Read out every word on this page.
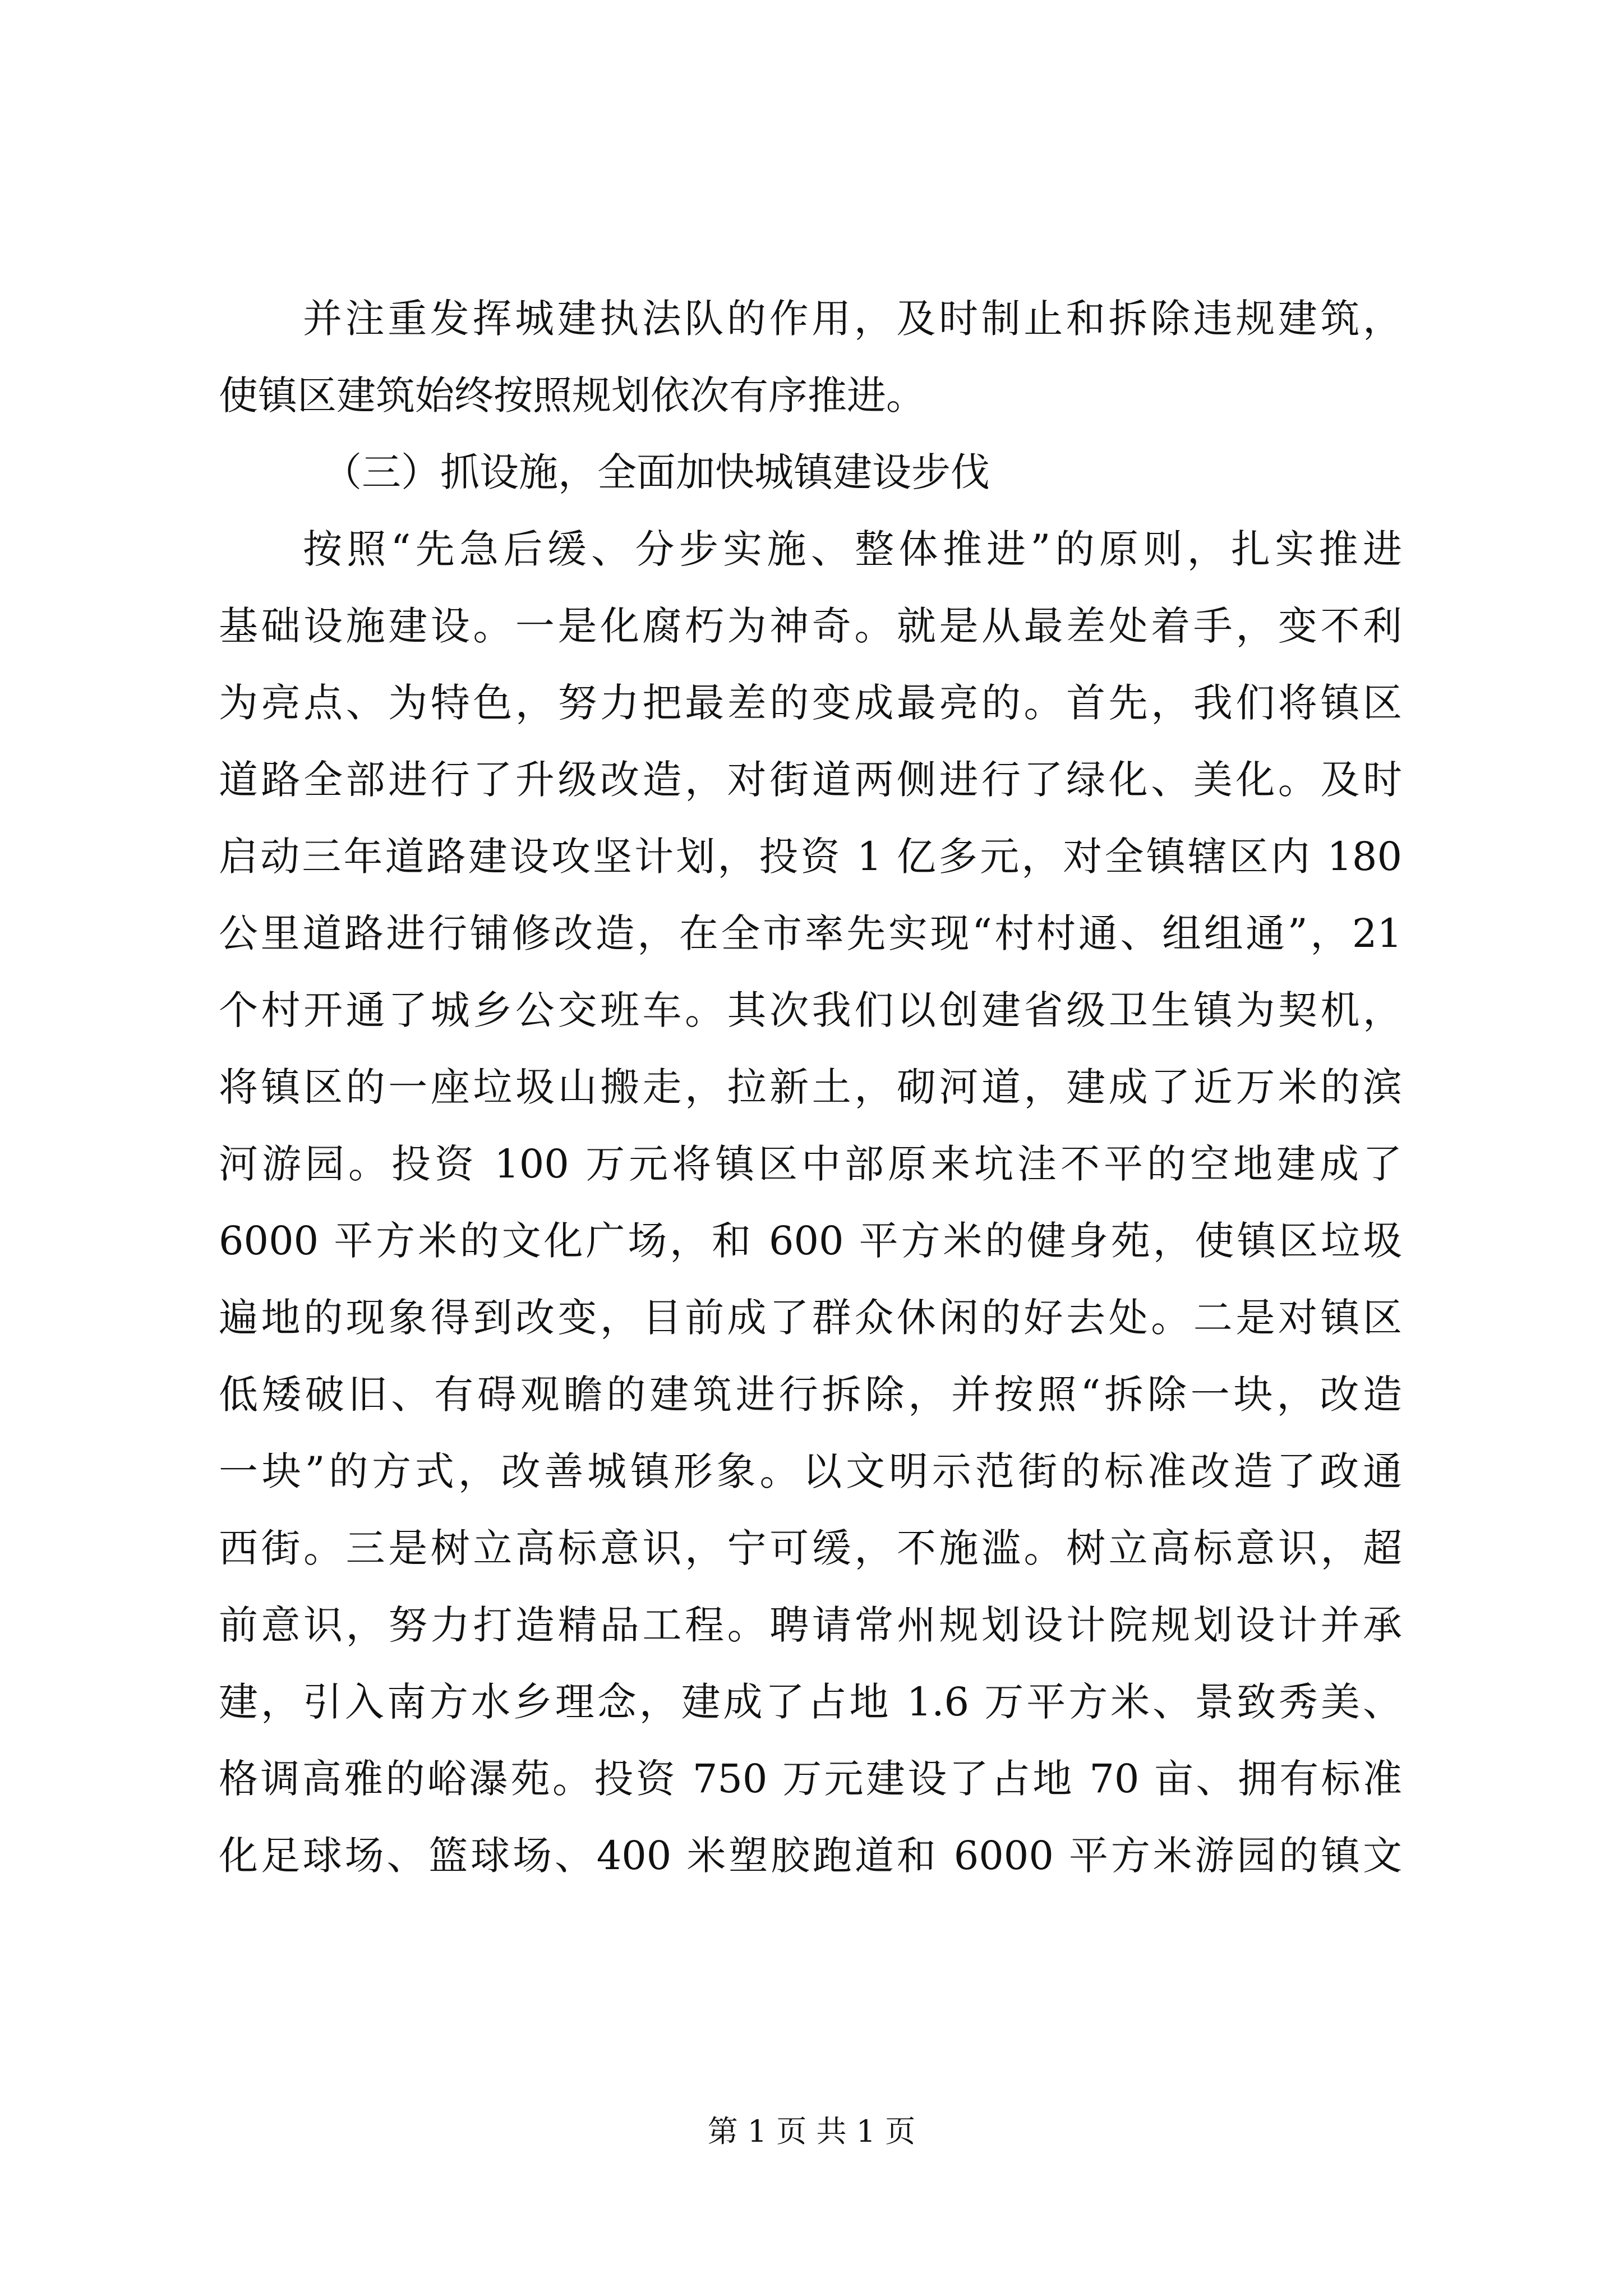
并注重发挥城建执法队的作用，及时制止和拆除违规建筑，
使镇区建筑始终按照规划依次有序推进。
（三）抓设施，全面加快城镇建设步伐
按照“先急后缓、分步实施、整体推进”的原则，扎实推进
基础设施建设。一是化腐朽为神奇。就是从最差处着手，变不利
为亮点、为特色，努力把最差的变成最亮的。首先，我们将镇区
道路全部进行了升级改造，对街道两侧进行了绿化、美化。及时
启动三年道路建设攻坚计划，投资 1 亿多元，对全镇辖区内 180
公里道路进行铺修改造，在全市率先实现“村村通、组组通”，21
个村开通了城乡公交班车。其次我们以创建省级卫生镇为契机，
将镇区的一座垃圾山搬走，拉新土，砌河道，建成了近万米的滨
河游园。投资 100 万元将镇区中部原来坑洼不平的空地建成了
6000 平方米的文化广场，和 600 平方米的健身苑，使镇区垃圾
遍地的现象得到改变，目前成了群众休闲的好去处。二是对镇区
低矮破旧、有碍观瞻的建筑进行拆除，并按照“拆除一块，改造
一块”的方式，改善城镇形象。以文明示范街的标准改造了政通
西街。三是树立高标意识，宁可缓，不施滥。树立高标意识，超
前意识，努力打造精品工程。聘请常州规划设计院规划设计并承
建，引入南方水乡理念，建成了占地 1.6 万平方米、景致秀美、
格调高雅的峪瀑苑。投资 750 万元建设了占地 70 亩、拥有标准
化足球场、篮球场、400 米塑胶跑道和 6000 平方米游园的镇文
第 1 页 共 1 页
